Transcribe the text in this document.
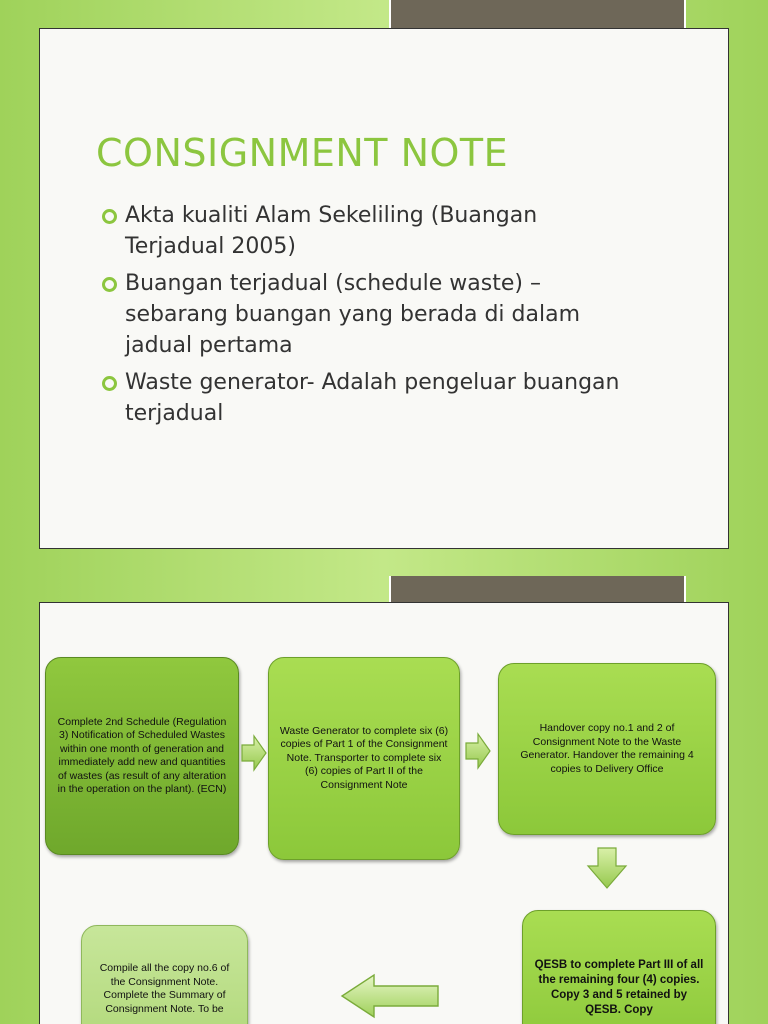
CONSIGNMENT NOTE
Akta kualiti Alam Sekeliling (Buangan Terjadual 2005)
Buangan terjadual (schedule waste) – sebarang buangan yang berada di dalam jadual pertama
Waste generator- Adalah pengeluar buangan terjadual
Complete 2nd Schedule (Regulation 3) Notification of Scheduled Wastes within one month of generation and immediately add new and quantities of wastes (as result of any alteration in the operation on the plant). (ECN)
Waste Generator to complete six (6) copies of Part 1 of the Consignment Note. Transporter to complete six (6) copies of Part II of the Consignment Note
Handover copy no.1 and 2 of Consignment Note to the Waste Generator. Handover the remaining 4 copies to Delivery Office
QESB to complete Part III of all the remaining four (4) copies. Copy 3 and 5 retained by QESB. Copy
Compile all the copy no.6 of the Consignment Note. Complete the Summary of Consignment Note. To be
